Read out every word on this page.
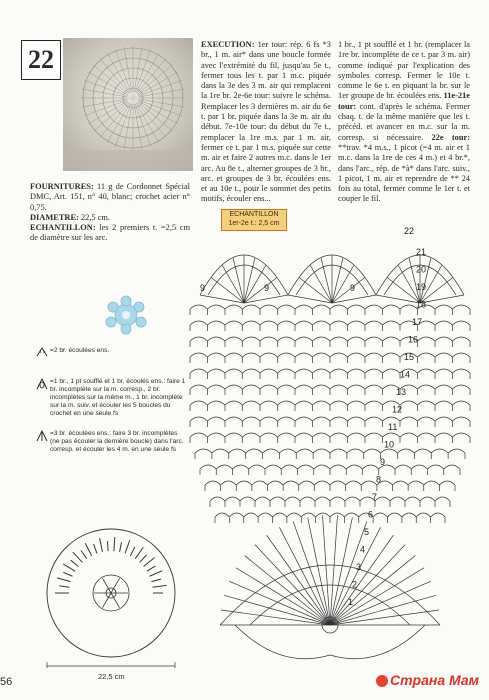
22
EXECUTION: 1er tour: rép. 6 fs *3 br., 1 m. air* dans une boucle formée avec l'extrémité du fil, jusqu'au 5e t., fermer tous les t. par 1 m.c. piquée dans la 3e des 3 m. air qui remplacent la 1re br. 2e-6e tour: suivre le schéma. Remplacer les 3 dernières m. air du 6e t. par 1 br. piquée dans la 3e m. air du début. 7e-10e tour: du début du 7e t., remplacer la 1re m.s. par 1 m. air, fermer ce t. par 1 m.s. piquée sur cette m. air et faire 2 autres m.c. dans le 1er arc. Au 8e t., alterner groupes de 3 br., arc. et groupes de 3 br. écoulées ens. et au 10e t., pour le sommet des petits motifs, écouler ens...
1 br., 1 pt soufflé et 1 br. (remplacer la 1re br. incomplète de ce t. par 3 m. air) comme indiqué par l'explication des symboles corresp. Fermer le 10e t. comme le 6e t. en piquant la br. sur le 1er groupe de br. écoulées ens. 11e-21e tour: cont. d'après le schéma. Fermer chaq. t. de la même manière que les t. précéd. et avancer en m.c. sur la m. corresp. si nécessaire. 22e tour: **trav. *4 m.s., 1 picot (=4 m. air et 1 m.c. dans la 1re de ces 4 m.) et 4 br.*, dans l'arc., rép. de *à* dans l'arc. suiv., 1 picot, 1 m. air et reprendre de ** 24 fois au total, fermer comme le 1er t. et couper le fil.
FOURNITURES: 11 g de Cordonnet Spécial DMC, Art. 151, n° 40, blanc; crochet acier n° 0,75.
DIAMETRE: 22,5 cm.
ECHANTILLON: les 2 premiers t. =2,5 cm de diamètre sur les arc.
ECHANTILLON
1er-2e t.: 2,5 cm
=2 br. écoulées ens.
=1 br., 1 pt soufflé et 1 br. écoulés ens.: faire 1 br. incomplète sur la m. corresp., 2 br. incomplètes sur la même m., 1 br. incomplète sur la m. suiv. et écouler les 5 boucles du crochet en une seule fs
=3 br. écoulées ens.: faire 3 br. incomplètes (ne pas écouler la dernière boucle) dans l'arc. corresp. et écouler les 4 m. en une seule fs
21
20
19
18
17
16
15
14
13
12
11
10
9
8
7
6
5
4
3
2
1
9	9	9
22
22,5 cm
56	Страна Мам
